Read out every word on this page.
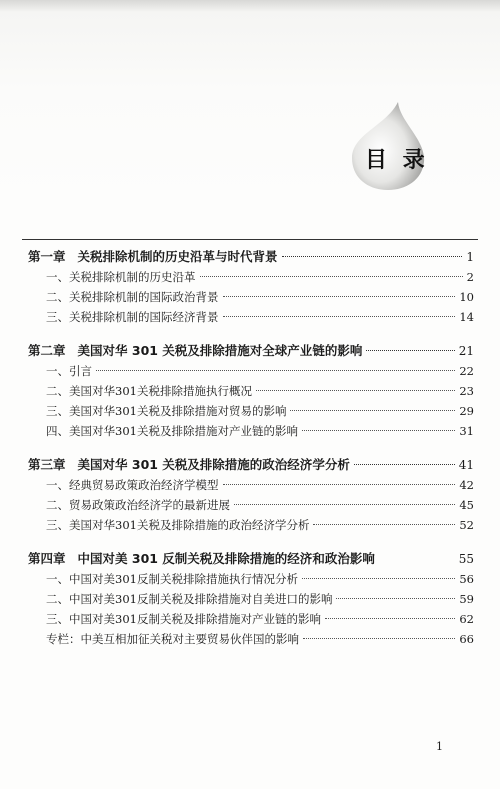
目 录
第一章 关税排除机制的历史沿革与时代背景	1
一、关税排除机制的历史沿革	2
二、关税排除机制的国际政治背景	10
三、关税排除机制的国际经济背景	14
第二章 美国对华 301 关税及排除措施对全球产业链的影响	21
一、引言	22
二、美国对华301关税排除措施执行概况	23
三、美国对华301关税及排除措施对贸易的影响	29
四、美国对华301关税及排除措施对产业链的影响	31
第三章 美国对华 301 关税及排除措施的政治经济学分析	41
一、经典贸易政策政治经济学模型	42
二、贸易政策政治经济学的最新进展	45
三、美国对华301关税及排除措施的政治经济学分析	52
第四章 中国对美 301 反制关税及排除措施的经济和政治影响	55
一、中国对美301反制关税排除措施执行情况分析	56
二、中国对美301反制关税及排除措施对自美进口的影响	59
三、中国对美301反制关税及排除措施对产业链的影响	62
专栏：中美互相加征关税对主要贸易伙伴国的影响	66
1
